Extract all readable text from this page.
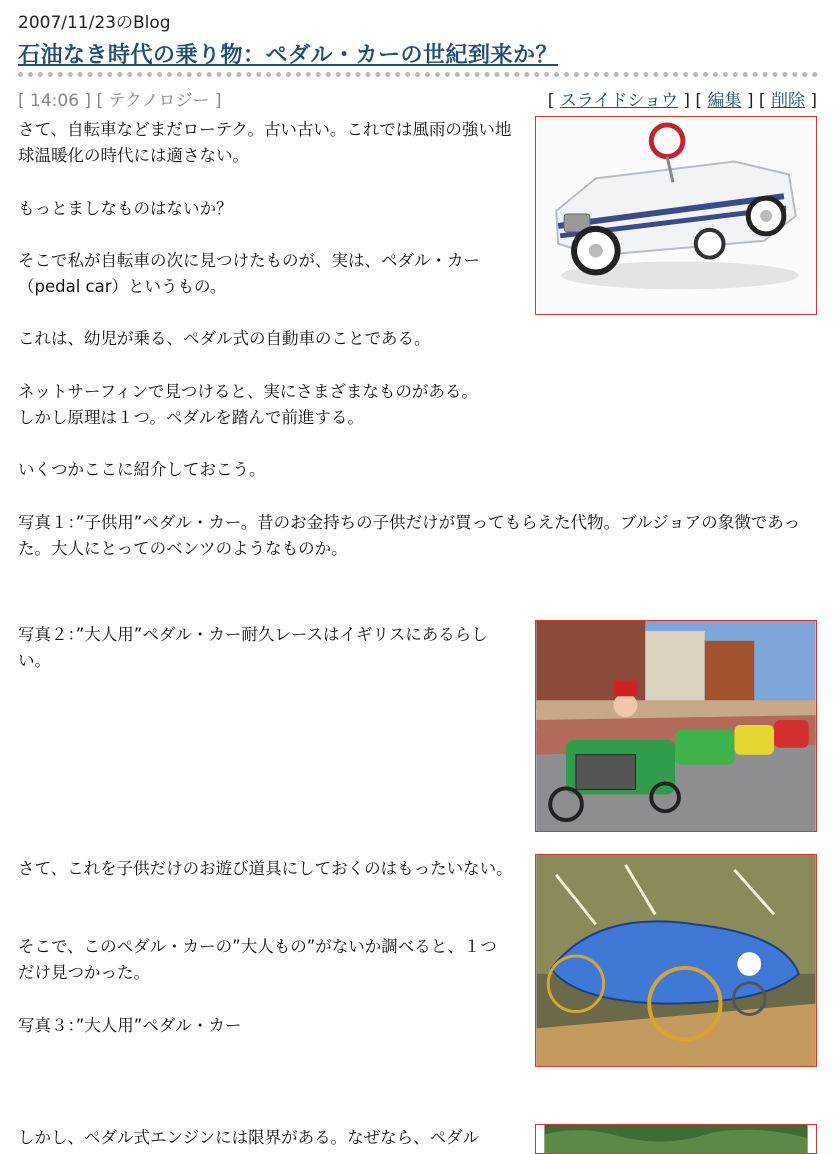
2007/11/23のBlog
石油なき時代の乗り物：ペダル・カーの世紀到来か？
[ 14:06 ] [ テクノロジー ]	[ スライドショウ ] [ 編集 ] [ 削除 ]

さて、自転車などまだローテク。古い古い。これでは風雨の強い地球温暖化の時代には適さない。

もっとましなものはないか？

そこで私が自転車の次に見つけたものが、実は、ペダル・カー（pedal car）というもの。

これは、幼児が乗る、ペダル式の自動車のことである。

ネットサーフィンで見つけると、実にさまざまなものがある。

しかし原理は１つ。ペダルを踏んで前進する。

いくつかここに紹介しておこう。

写真１：”子供用”ペダル・カー。昔のお金持ちの子供だけが買ってもらえた代物。ブルジョアの象徴であった。大人にとってのベンツのようなものか。

写真２：”大人用”ペダル・カー耐久レースはイギリスにあるらしい。

さて、これを子供だけのお遊び道具にしておくのはもったいない。

そこで、このペダル・カーの”大人もの”がないか調べると、１つだけ見つかった。

写真３：”大人用”ペダル・カー

しかし、ペダル式エンジンには限界がある。なぜなら、ペダル
